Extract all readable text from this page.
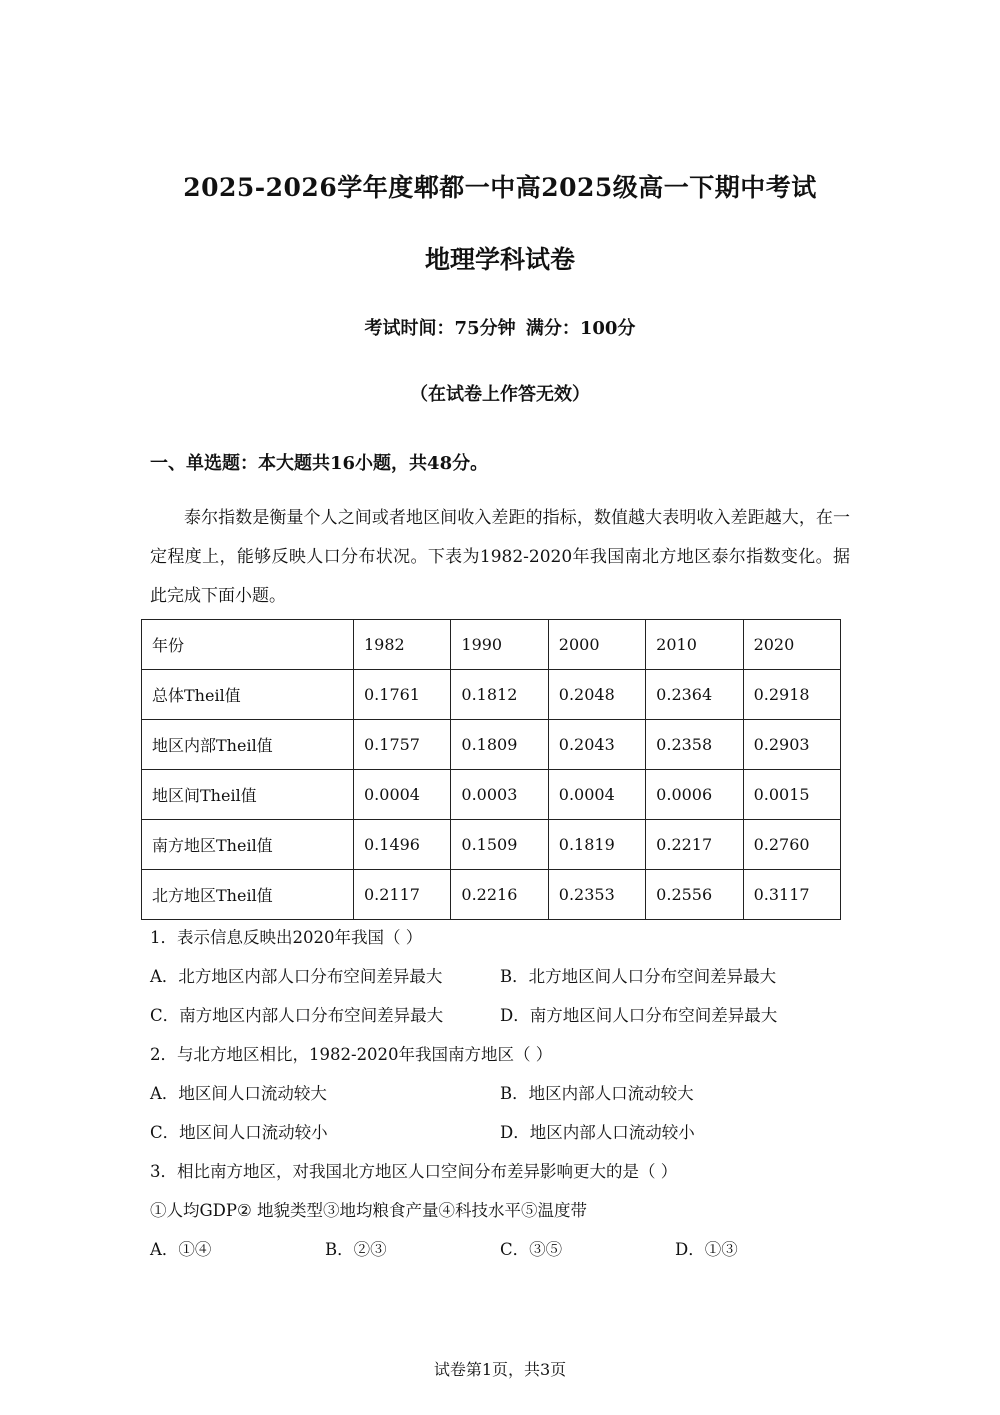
2025-2026学年度郫都一中高2025级高一下期中考试
地理学科试卷
考试时间：75分钟 满分：100分
（在试卷上作答无效）
一、单选题：本大题共16小题，共48分。
泰尔指数是衡量个人之间或者地区间收入差距的指标，数值越大表明收入差距越大，在一定程度上，能够反映人口分布状况。下表为1982-2020年我国南北方地区泰尔指数变化。据此完成下面小题。
年份	1982	1990	2000	2010	2020
总体Theil值	0.1761	0.1812	0.2048	0.2364	0.2918
地区内部Theil值	0.1757	0.1809	0.2043	0.2358	0.2903
地区间Theil值	0.0004	0.0003	0.0004	0.0006	0.0015
南方地区Theil值	0.1496	0.1509	0.1819	0.2217	0.2760
北方地区Theil值	0.2117	0.2216	0.2353	0.2556	0.3117
1．表示信息反映出2020年我国（ ）
A．北方地区内部人口分布空间差异最大	B．北方地区间人口分布空间差异最大
C．南方地区内部人口分布空间差异最大	D．南方地区间人口分布空间差异最大
2．与北方地区相比，1982-2020年我国南方地区（ ）
A．地区间人口流动较大	B．地区内部人口流动较大
C．地区间人口流动较小	D．地区内部人口流动较小
3．相比南方地区，对我国北方地区人口空间分布差异影响更大的是（ ）
①人均GDP② 地貌类型③地均粮食产量④科技水平⑤温度带
A．①④	B．②③	C．③⑤	D．①③
试卷第1页，共3页
